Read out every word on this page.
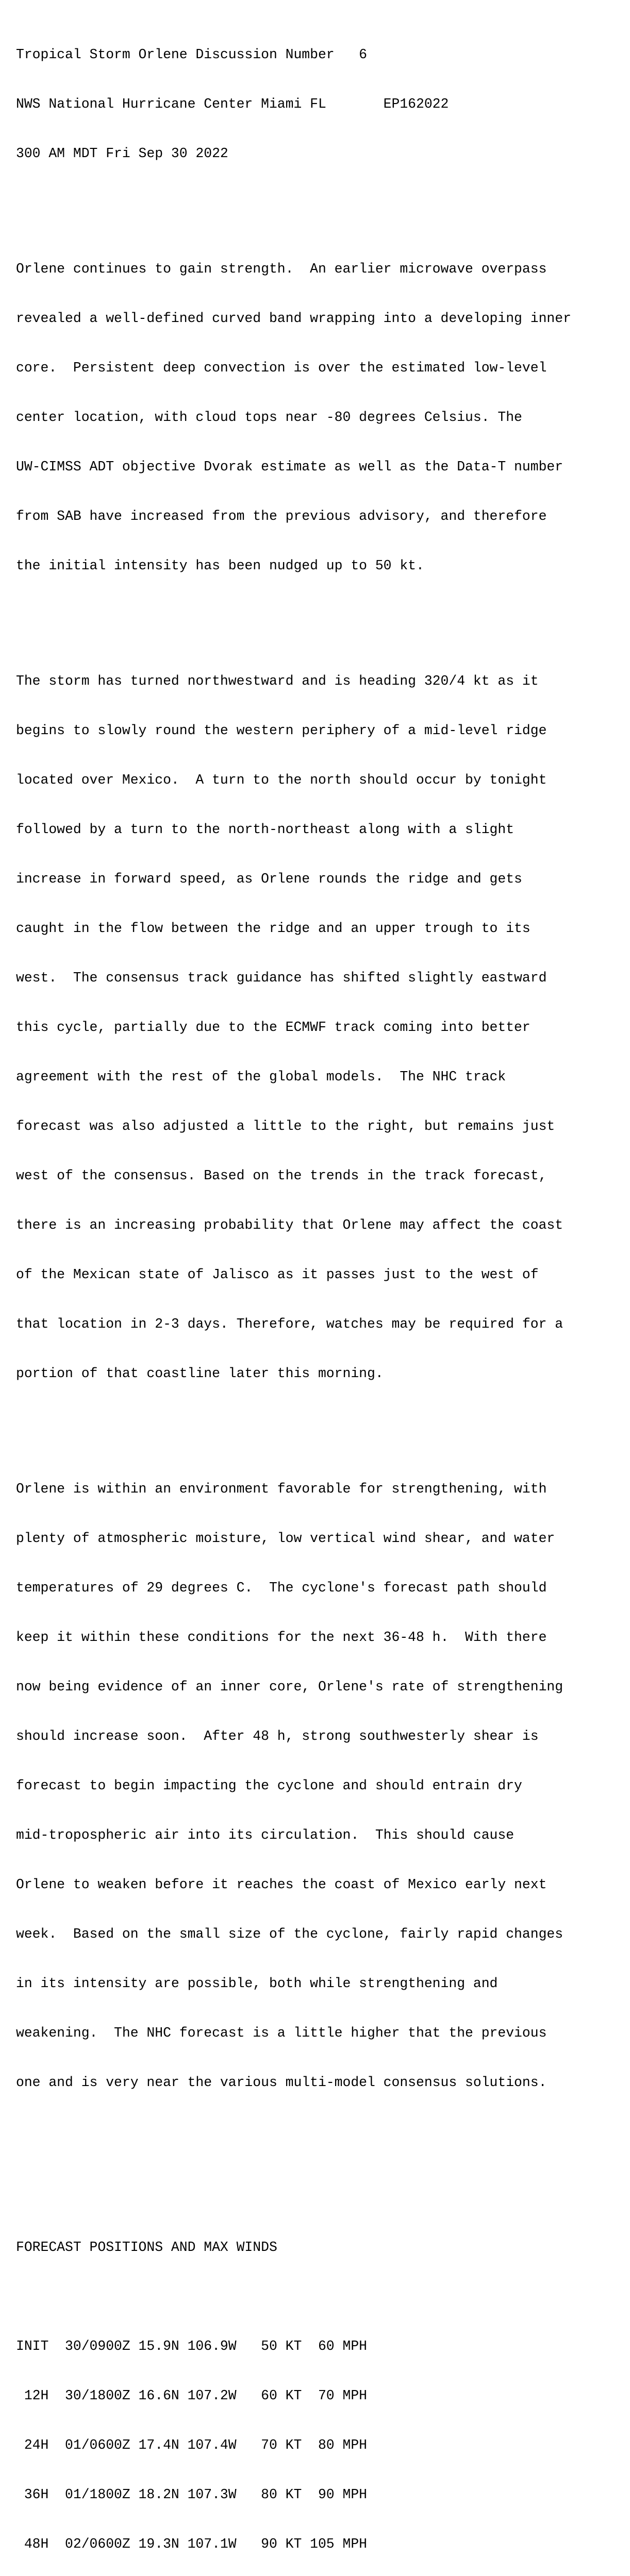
Tropical Storm Orlene Discussion Number   6

NWS National Hurricane Center Miami FL       EP162022

300 AM MDT Fri Sep 30 2022

Orlene continues to gain strength.  An earlier microwave overpass

revealed a well-defined curved band wrapping into a developing inner

core.  Persistent deep convection is over the estimated low-level

center location, with cloud tops near -80 degrees Celsius. The

UW-CIMSS ADT objective Dvorak estimate as well as the Data-T number

from SAB have increased from the previous advisory, and therefore

the initial intensity has been nudged up to 50 kt.

The storm has turned northwestward and is heading 320/4 kt as it

begins to slowly round the western periphery of a mid-level ridge

located over Mexico.  A turn to the north should occur by tonight

followed by a turn to the north-northeast along with a slight

increase in forward speed, as Orlene rounds the ridge and gets

caught in the flow between the ridge and an upper trough to its

west.  The consensus track guidance has shifted slightly eastward

this cycle, partially due to the ECMWF track coming into better

agreement with the rest of the global models.  The NHC track

forecast was also adjusted a little to the right, but remains just

west of the consensus. Based on the trends in the track forecast,

there is an increasing probability that Orlene may affect the coast

of the Mexican state of Jalisco as it passes just to the west of

that location in 2-3 days. Therefore, watches may be required for a

portion of that coastline later this morning.

Orlene is within an environment favorable for strengthening, with

plenty of atmospheric moisture, low vertical wind shear, and water

temperatures of 29 degrees C.  The cyclone's forecast path should

keep it within these conditions for the next 36-48 h.  With there

now being evidence of an inner core, Orlene's rate of strengthening

should increase soon.  After 48 h, strong southwesterly shear is

forecast to begin impacting the cyclone and should entrain dry

mid-tropospheric air into its circulation.  This should cause

Orlene to weaken before it reaches the coast of Mexico early next

week.  Based on the small size of the cyclone, fairly rapid changes

in its intensity are possible, both while strengthening and

weakening.  The NHC forecast is a little higher that the previous

one and is very near the various multi-model consensus solutions.

FORECAST POSITIONS AND MAX WINDS

INIT  30/0900Z 15.9N 106.9W   50 KT  60 MPH

12H  30/1800Z 16.6N 107.2W   60 KT  70 MPH

24H  01/0600Z 17.4N 107.4W   70 KT  80 MPH

36H  01/1800Z 18.2N 107.3W   80 KT  90 MPH

48H  02/0600Z 19.3N 107.1W   90 KT 105 MPH
